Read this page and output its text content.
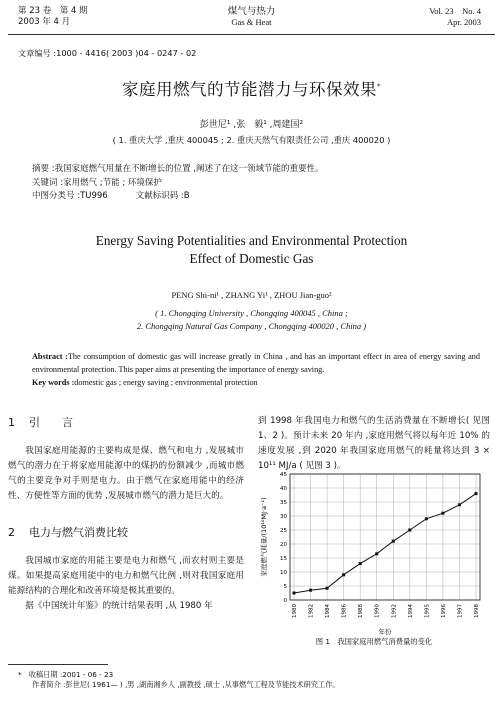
第 23 卷　第 4 期
2003 年 4 月
煤气与热力
Gas & Heat
Vol. 23　No. 4
Apr. 2003
文章编号 :1000 - 4416( 2003 )04 - 0247 - 02
家庭用燃气的节能潜力与环保效果*
彭世尼¹ ,张　毅¹ ,周建国²
( 1. 重庆大学 ,重庆 400045 ; 2. 重庆天然气有限责任公司 ,重庆 400020 )
摘要 :我国家庭燃气用量在不断增长的位置 ,阐述了在这一领域节能的重要性。
关键词 :家用燃气 ;节能 ; 环境保护
中图分类号 :TU996	文献标识码 :B
Energy Saving Potentialities and Environmental Protection
Effect of Domestic Gas
PENG Shi-ni¹ , ZHANG Yi¹ , ZHOU Jian-guo²
( 1. Chongqing University , Chongqing 400045 , China ;
2. Chongqing Natural Gas Company , Chongqing 400020 , China )
Abstract :The consumption of domestic gas will increase greatly in China , and has an important effect in area of energy saving and environmental protection. This paper aims at presenting the importance of energy saving.
Key words :domestic gas ; energy saving ; environmental protection
1 引　　言
我国家庭用能源的主要构成是煤、燃气和电力 ,发展城市燃气的潜力在于将家庭用能源中的煤扔的份额减少 ,而城市燃气的主要竞争对手则是电力。由于燃气在家庭用能中的经济性、方便性等方面的优势 ,发展城市燃气的潜力是巨大的。
2 电力与燃气消费比较
我国城市家庭的用能主要是电力和燃气 ,而农村则主要是煤。如果提高家庭用能中的电力和燃气比例 ,则对我国家庭用能源结构的合理化和改善环境是极其重要的。
据《中国统计年鉴》的统计结果表明 ,从 1980 年
到 1998 年我国电力和燃气的生活消费量在不断增长( 见图 1、2 )。预计未来 20 年内 ,家庭用燃气将以每年近 10% 的速度发展 ,到 2020 年我国家庭用燃气的耗量将达到 3 × 10¹¹ MJ/a ( 见图 3 )。
0
5
10
15
20
25
30
35
40
45
1980 1982 1984 1986 1988 1990 1992 1994 1995 1996 1997 1998
家庭燃气耗量/(10¹⁰MJ·a⁻¹)
年份
图 1　我国家庭用燃气消费量的变化
*　 收稿日期 :2001 - 06 - 23
作者简介 :彭世尼( 1961— ) ,男 ,湖南湘乡人 ,副教授 ,硕士 ,从事燃气工程及节能技术研究工作。
